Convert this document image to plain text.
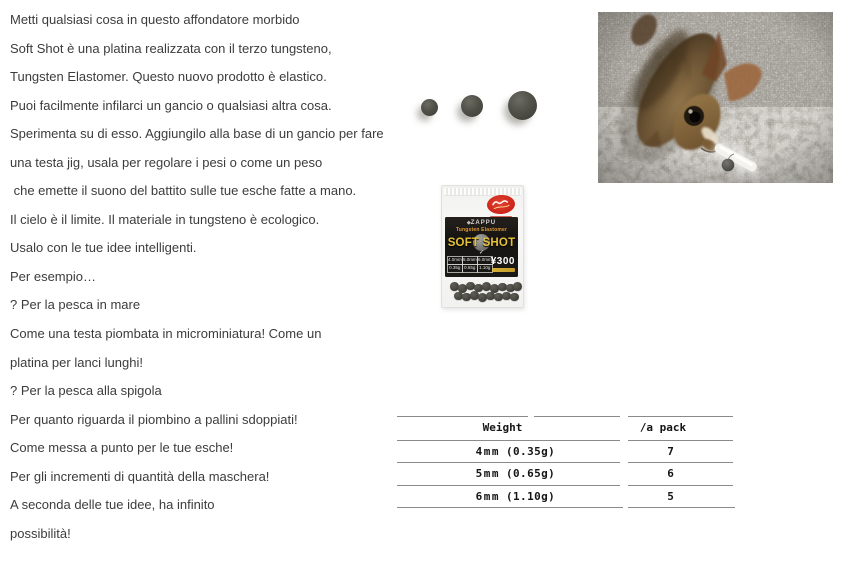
Metti qualsiasi cosa in questo affondatore morbido
Soft Shot è una platina realizzata con il terzo tungsteno,
Tungsten Elastomer. Questo nuovo prodotto è elastico.
Puoi facilmente infilarci un gancio o qualsiasi altra cosa.
Sperimenta su di esso. Aggiungilo alla base di un gancio per fare
una testa jig, usala per regolare i pesi o come un peso
che emette il suono del battito sulle tue esche fatte a mano.
Il cielo è il limite. Il materiale in tungsteno è ecologico.
Usalo con le tue idee intelligenti.
Per esempio…
? Per la pesca in mare
Come una testa piombata in microminiatura! Come un
platina per lanci lunghi!
? Per la pesca alla spigola
Per quanto riguarda il piombino a pallini sdoppiati!
Come messa a punto per le tue esche!
Per gli incrementi di quantità della maschera!
A seconda delle tue idee, ha infinito
possibilità!
◆ZAPPU
Tungsten Elastomer
SOFT SHOT
4.0mm 5.0mm 6.0mm
0.35g 0.65g 1.10g
✓
¥300
Weight	/a pack
4mm (0.35g)	7
5mm (0.65g)	6
6mm (1.10g)	5
